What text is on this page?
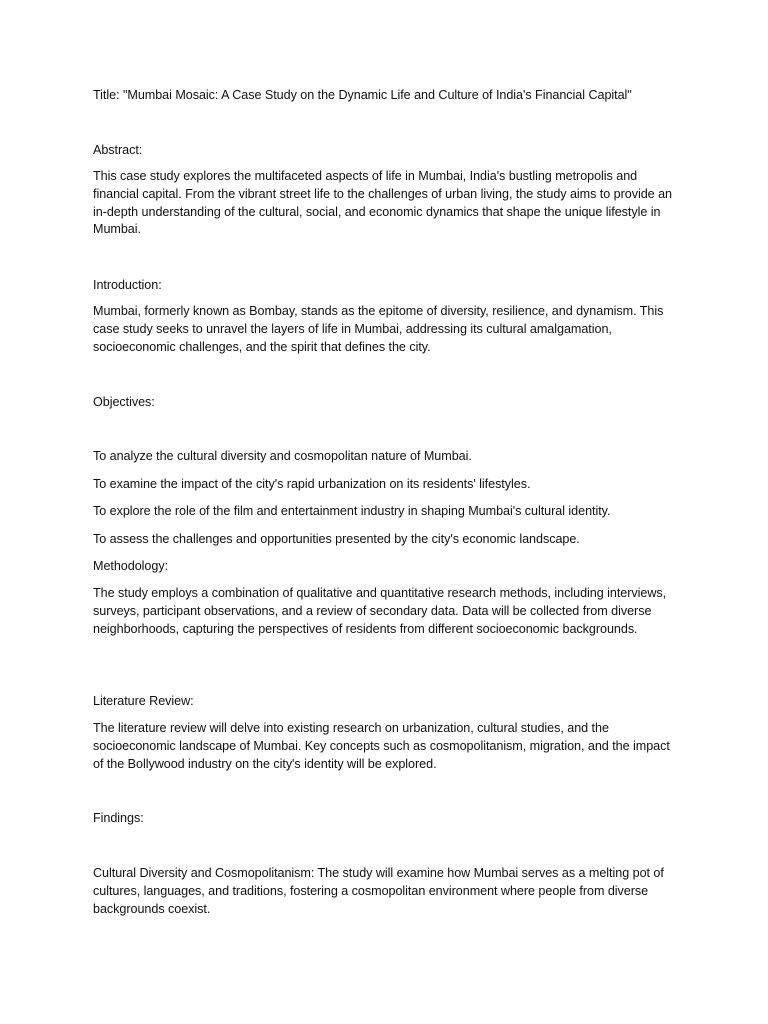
Title: "Mumbai Mosaic: A Case Study on the Dynamic Life and Culture of India's Financial Capital"
Abstract:
This case study explores the multifaceted aspects of life in Mumbai, India's bustling metropolis and financial capital. From the vibrant street life to the challenges of urban living, the study aims to provide an in-depth understanding of the cultural, social, and economic dynamics that shape the unique lifestyle in Mumbai.
Introduction:
Mumbai, formerly known as Bombay, stands as the epitome of diversity, resilience, and dynamism. This case study seeks to unravel the layers of life in Mumbai, addressing its cultural amalgamation, socioeconomic challenges, and the spirit that defines the city.
Objectives:
To analyze the cultural diversity and cosmopolitan nature of Mumbai.
To examine the impact of the city's rapid urbanization on its residents' lifestyles.
To explore the role of the film and entertainment industry in shaping Mumbai's cultural identity.
To assess the challenges and opportunities presented by the city's economic landscape.
Methodology:
The study employs a combination of qualitative and quantitative research methods, including interviews, surveys, participant observations, and a review of secondary data. Data will be collected from diverse neighborhoods, capturing the perspectives of residents from different socioeconomic backgrounds.
Literature Review:
The literature review will delve into existing research on urbanization, cultural studies, and the socioeconomic landscape of Mumbai. Key concepts such as cosmopolitanism, migration, and the impact of the Bollywood industry on the city's identity will be explored.
Findings:
Cultural Diversity and Cosmopolitanism: The study will examine how Mumbai serves as a melting pot of cultures, languages, and traditions, fostering a cosmopolitan environment where people from diverse backgrounds coexist.
